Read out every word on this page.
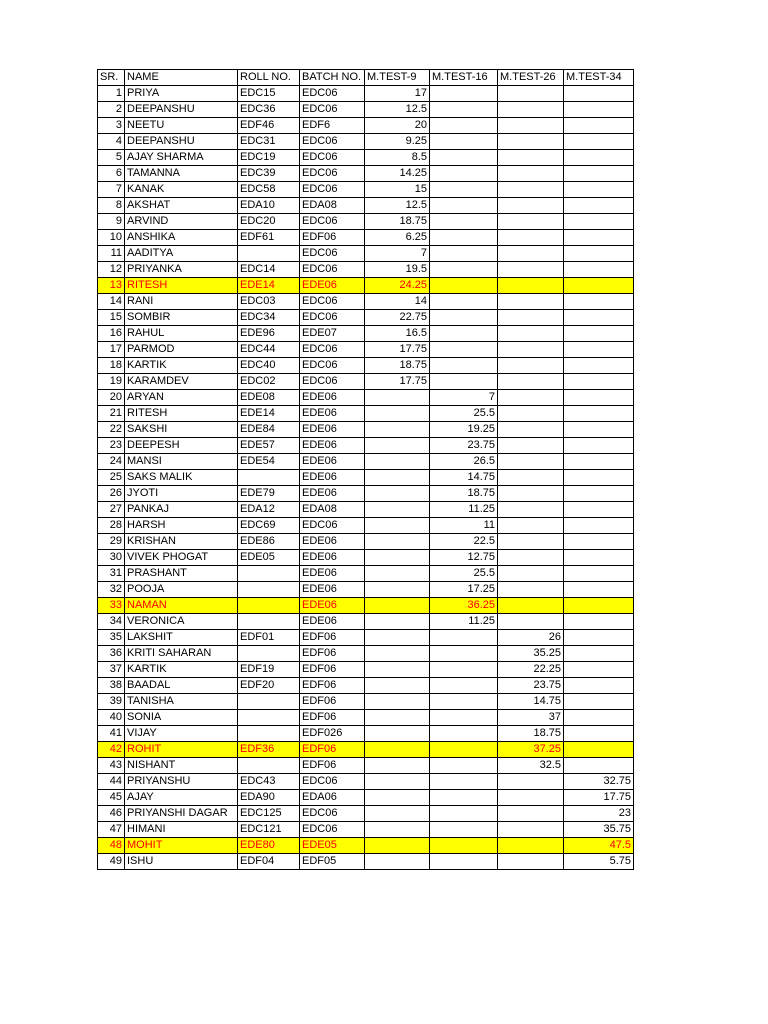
SR.	NAME	ROLL NO.	BATCH NO.	M.TEST-9	M.TEST-16	M.TEST-26	M.TEST-34
1	PRIYA	EDC15	EDC06	17			
2	DEEPANSHU	EDC36	EDC06	12.5			
3	NEETU	EDF46	EDF6	20			
4	DEEPANSHU	EDC31	EDC06	9.25			
5	AJAY SHARMA	EDC19	EDC06	8.5			
6	TAMANNA	EDC39	EDC06	14.25			
7	KANAK	EDC58	EDC06	15			
8	AKSHAT	EDA10	EDA08	12.5			
9	ARVIND	EDC20	EDC06	18.75			
10	ANSHIKA	EDF61	EDF06	6.25			
11	AADITYA		EDC06	7			
12	PRIYANKA	EDC14	EDC06	19.5			
13	RITESH	EDE14	EDE06	24.25			
14	RANI	EDC03	EDC06	14			
15	SOMBIR	EDC34	EDC06	22.75			
16	RAHUL	EDE96	EDE07	16.5			
17	PARMOD	EDC44	EDC06	17.75			
18	KARTIK	EDC40	EDC06	18.75			
19	KARAMDEV	EDC02	EDC06	17.75			
20	ARYAN	EDE08	EDE06		7		
21	RITESH	EDE14	EDE06		25.5		
22	SAKSHI	EDE84	EDE06		19.25		
23	DEEPESH	EDE57	EDE06		23.75		
24	MANSI	EDE54	EDE06		26.5		
25	SAKS MALIK		EDE06		14.75		
26	JYOTI	EDE79	EDE06		18.75		
27	PANKAJ	EDA12	EDA08		11.25		
28	HARSH	EDC69	EDC06		11		
29	KRISHAN	EDE86	EDE06		22.5		
30	VIVEK PHOGAT	EDE05	EDE06		12.75		
31	PRASHANT		EDE06		25.5		
32	POOJA		EDE06		17.25		
33	NAMAN		EDE06		36.25		
34	VERONICA		EDE06		11.25		
35	LAKSHIT	EDF01	EDF06			26	
36	KRITI SAHARAN		EDF06			35.25	
37	KARTIK	EDF19	EDF06			22.25	
38	BAADAL	EDF20	EDF06			23.75	
39	TANISHA		EDF06			14.75	
40	SONIA		EDF06			37	
41	VIJAY		EDF026			18.75	
42	ROHIT	EDF36	EDF06			37.25	
43	NISHANT		EDF06			32.5	
44	PRIYANSHU	EDC43	EDC06				32.75
45	AJAY	EDA90	EDA06				17.75
46	PRIYANSHI DAGAR	EDC125	EDC06				23
47	HIMANI	EDC121	EDC06				35.75
48	MOHIT	EDE80	EDE05				47.5
49	ISHU	EDF04	EDF05				5.75
